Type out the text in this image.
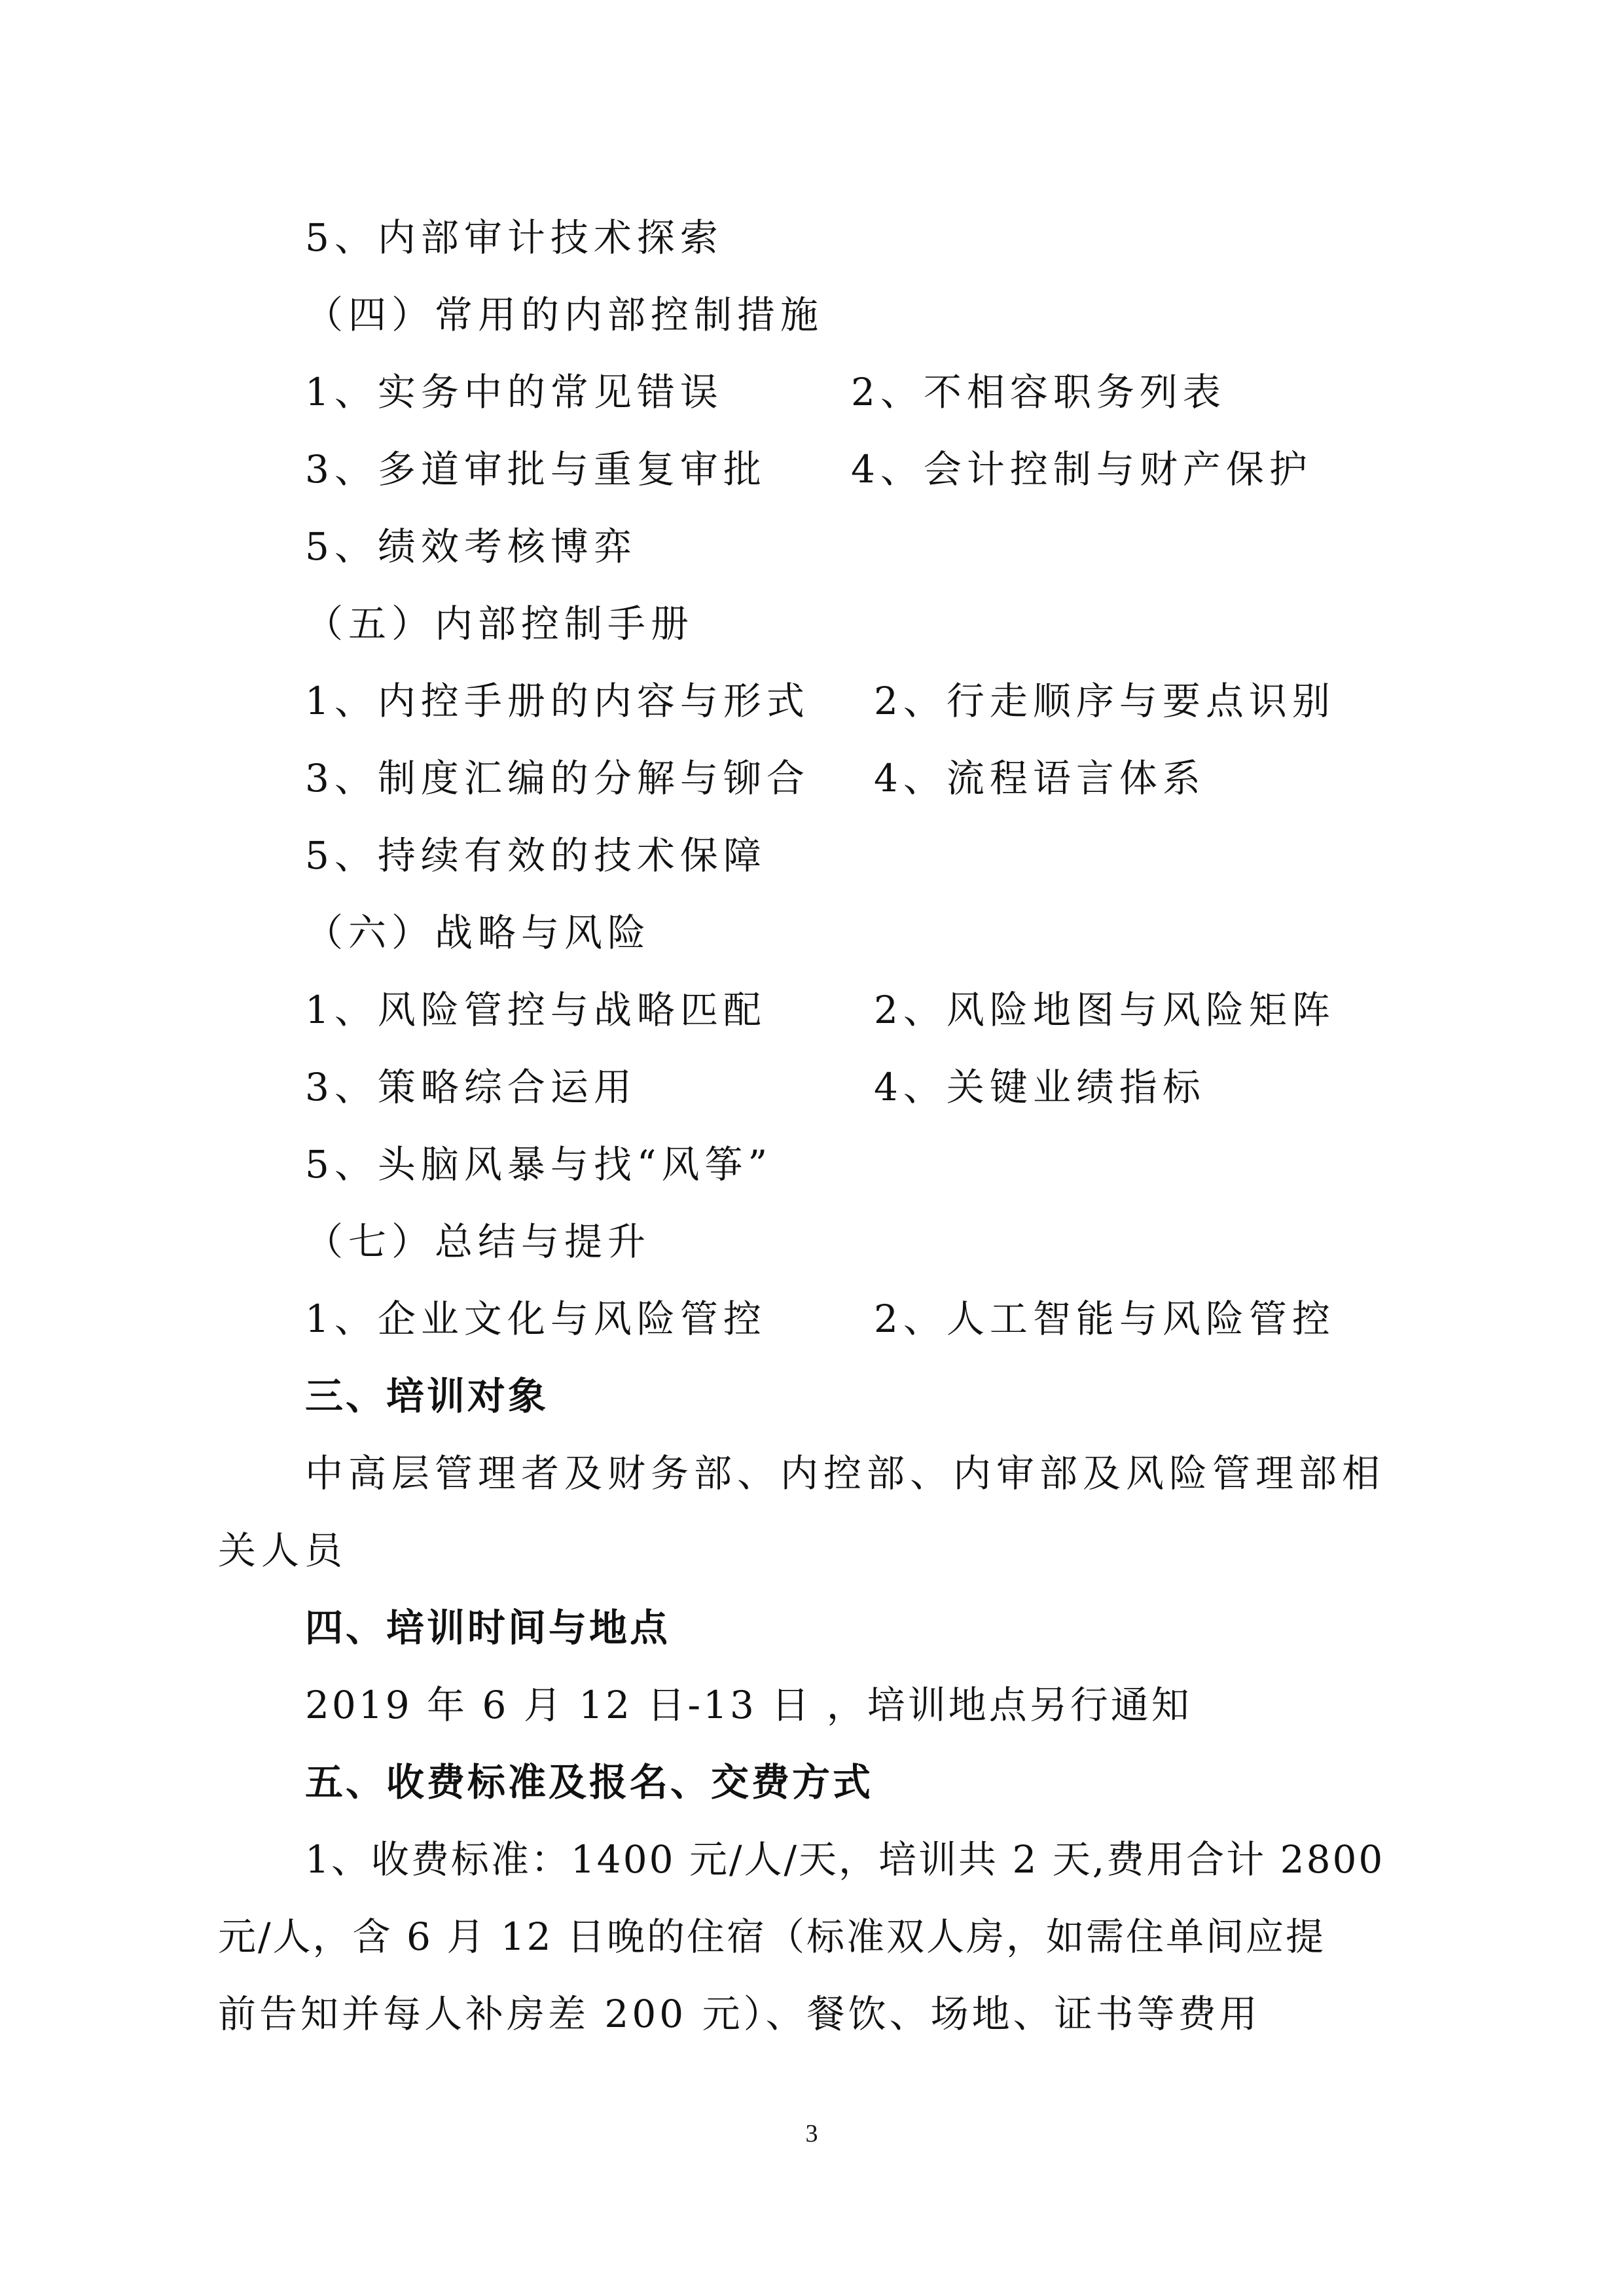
5、内部审计技术探索

（四）常用的内部控制措施

1、实务中的常见错误	2、不相容职务列表

3、多道审批与重复审批 4、会计控制与财产保护

5、绩效考核博弈

（五）内部控制手册

1、内控手册的内容与形式 2、行走顺序与要点识别

3、制度汇编的分解与铆合 4、流程语言体系

5、持续有效的技术保障

（六）战略与风险

1、风险管控与战略匹配	2、风险地图与风险矩阵

3、策略综合运用	4、关键业绩指标

5、头脑风暴与找“风筝”

（七）总结与提升

1、企业文化与风险管控	2、人工智能与风险管控

三、培训对象

中高层管理者及财务部、内控部、内审部及风险管理部相

关人员

四、培训时间与地点

2019 年 6 月 12 日-13 日 ，培训地点另行通知

五、收费标准及报名、交费方式

1、收费标准：1400 元/人/天，培训共 2 天,费用合计 2800

元/人，含 6 月 12 日晚的住宿（标准双人房，如需住单间应提

前告知并每人补房差 200 元）、餐饮、场地、证书等费用

3
